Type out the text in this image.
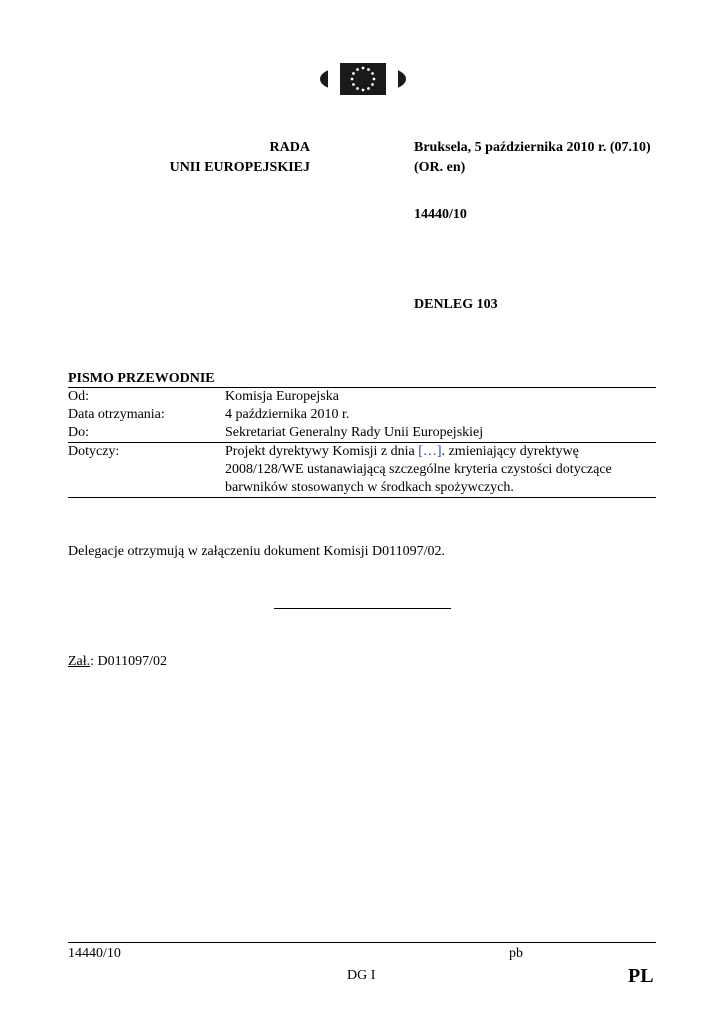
RADA
UNII EUROPEJSKIEJ
Bruksela, 5 października 2010 r. (07.10)
(OR. en)
14440/10
DENLEG 103
PISMO PRZEWODNIE
Od:	Komisja Europejska
Data otrzymania:	4 października 2010 r.
Do:	Sekretariat Generalny Rady Unii Europejskiej
Dotyczy:	Projekt dyrektywy Komisji z dnia […]. zmieniający dyrektywę
2008/128/WE ustanawiającą szczególne kryteria czystości dotyczące
barwników stosowanych w środkach spożywczych.
Delegacje otrzymują w załączeniu dokument Komisji D011097/02.
Zał.: D011097/02
14440/10	pb
DG I	PL
